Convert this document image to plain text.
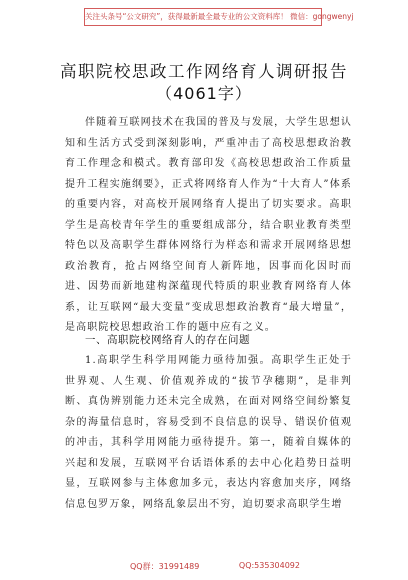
关注头条号“公文研究”，获得最新最全最专业的公文资料库！ 微信：gongwenyj
高职院校思政工作网络育人调研报告
（4061字）

伴随着互联网技术在我国的普及与发展，大学生思想认知和生活方式受到深刻影响，严重冲击了高校思想政治教育工作理念和模式。教育部印发《高校思想政治工作质量提升工程实施纲要》，正式将网络育人作为“十大育人”体系的重要内容，对高校开展网络育人提出了切实要求。高职学生是高校青年学生的重要组成部分，结合职业教育类型特色以及高职学生群体网络行为样态和需求开展网络思想政治教育，抢占网络空间育人新阵地，因事而化因时而进、因势而新地建构深蕴现代特质的职业教育网络育人体系，让互联网“最大变量”变成思想政治教育“最大增量”，是高职院校思想政治工作的题中应有之义。

一、高职院校网络育人的存在问题

1.高职学生科学用网能力亟待加强。高职学生正处于世界观、人生观、价值观养成的“拔节孕穗期”，是非判断、真伪辨别能力还未完全成熟，在面对网络空间纷繁复杂的海量信息时，容易受到不良信息的误导、错误价值观的冲击，其科学用网能力亟待提升。第一，随着自媒体的兴起和发展，互联网平台话语体系的去中心化趋势日益明显，互联网参与主体愈加多元，表达内容愈加夹序，网络信息包罗万象，网络乱象层出不穷，迫切要求高职学生增

QQ群：31991489	QQ:535304092
